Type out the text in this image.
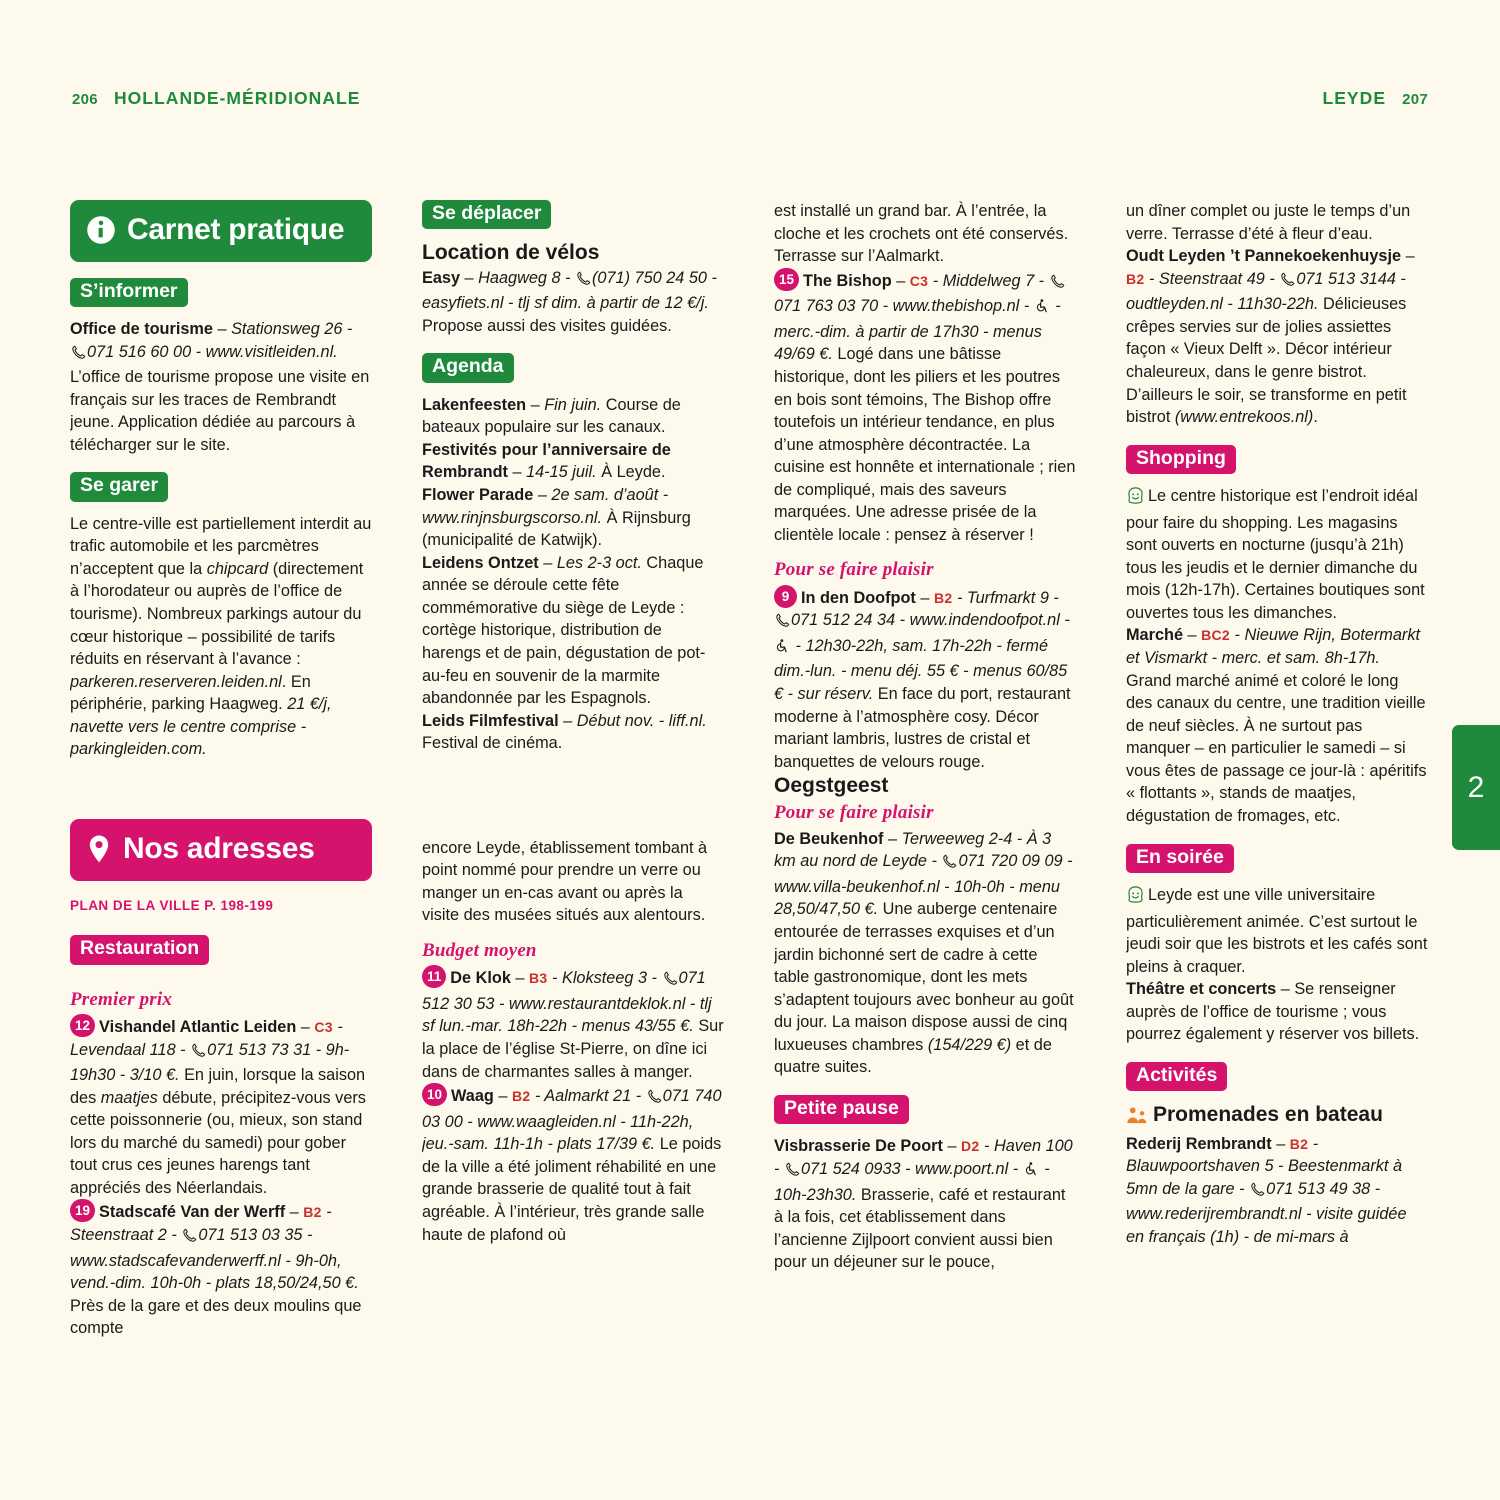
206 HOLLANDE-MÉRIDIONALE	LEYDE 207
2
Carnet pratique
S’informer

Office de tourisme – Stationsweg 26 - 071 516 60 00 - www.visitleiden.nl. L’office de tourisme propose une visite en français sur les traces de Rembrandt jeune. Application dédiée au parcours à télécharger sur le site.

Se garer

Le centre-ville est partiellement interdit au trafic automobile et les parcmètres n’acceptent que la chipcard (directement à l’horodateur ou auprès de l’office de tourisme). Nombreux parkings autour du cœur historique – possibilité de tarifs réduits en réservant à l’avance : parkeren.reserveren.leiden.nl. En périphérie, parking Haagweg. 21 €/j, navette vers le centre comprise - parkingleiden.com.

Nos adresses
PLAN DE LA VILLE P. 198-199
Restauration
Premier prix

12 Vishandel Atlantic Leiden – C3 - Levendaal 118 - 071 513 73 31 - 9h-19h30 - 3/10 €. En juin, lorsque la saison des maatjes débute, précipitez-vous vers cette poissonnerie (ou, mieux, son stand lors du marché du samedi) pour gober tout crus ces jeunes harengs tant appréciés des Néerlandais.

19 Stadscafé Van der Werff – B2 - Steenstraat 2 - 071 513 03 35 - www.stadscafevanderwerff.nl - 9h-0h, vend.-dim. 10h-0h - plats 18,50/24,50 €. Près de la gare et des deux moulins que compte

Se déplacer
Location de vélos

Easy – Haagweg 8 - (071) 750 24 50 - easyfiets.nl - tlj sf dim. à partir de 12 €/j. Propose aussi des visites guidées.

Agenda

Lakenfeesten – Fin juin. Course de bateaux populaire sur les canaux.

Festivités pour l’anniversaire de Rembrandt – 14-15 juil. À Leyde.

Flower Parade – 2e sam. d’août - www.rinjnsburgscorso.nl. À Rijnsburg (municipalité de Katwijk).

Leidens Ontzet – Les 2-3 oct. Chaque année se déroule cette fête commémorative du siège de Leyde : cortège historique, distribution de harengs et de pain, dégustation de pot-au-feu en souvenir de la marmite abandonnée par les Espagnols.

Leids Filmfestival – Début nov. - liff.nl. Festival de cinéma.

encore Leyde, établissement tombant à point nommé pour prendre un verre ou manger un en-cas avant ou après la visite des musées situés aux alentours.

Budget moyen

11 De Klok – B3 - Kloksteeg 3 - 071 512 30 53 - www.restaurantdeklok.nl - tlj sf lun.-mar. 18h-22h - menus 43/55 €. Sur la place de l’église St-Pierre, on dîne ici dans de charmantes salles à manger.

10 Waag – B2 - Aalmarkt 21 - 071 740 03 00 - www.waagleiden.nl - 11h-22h, jeu.-sam. 11h-1h - plats 17/39 €. Le poids de la ville a été joliment réhabilité en une grande brasserie de qualité tout à fait agréable. À l’intérieur, très grande salle haute de plafond où

est installé un grand bar. À l’entrée, la cloche et les crochets ont été conservés. Terrasse sur l’Aalmarkt.

15 The Bishop – C3 - Middelweg 7 - 071 763 03 70 - www.thebishop.nl -  - merc.-dim. à partir de 17h30 - menus 49/69 €. Logé dans une bâtisse historique, dont les piliers et les poutres en bois sont témoins, The Bishop offre toutefois un intérieur tendance, en plus d’une atmosphère décontractée. La cuisine est honnête et internationale ; rien de compliqué, mais des saveurs marquées. Une adresse prisée de la clientèle locale : pensez à réserver !

Pour se faire plaisir

9 In den Doofpot – B2 - Turfmarkt 9 - 071 512 24 34 - www.indendoofpot.nl -  - 12h30-22h, sam. 17h-22h - fermé dim.-lun. - menu déj. 55 € - menus 60/85 € - sur réserv. En face du port, restaurant moderne à l’atmosphère cosy. Décor mariant lambris, lustres de cristal et banquettes de velours rouge.

Oegstgeest
Pour se faire plaisir

De Beukenhof – Terweeweg 2-4 - À 3 km au nord de Leyde - 071 720 09 09 - www.villa-beukenhof.nl - 10h-0h - menu 28,50/47,50 €. Une auberge centenaire entourée de terrasses exquises et d’un jardin bichonné sert de cadre à cette table gastronomique, dont les mets s’adaptent toujours avec bonheur au goût du jour. La maison dispose aussi de cinq luxueuses chambres (154/229 €) et de quatre suites.

Petite pause

Visbrasserie De Poort – D2 - Haven 100 - 071 524 0933 - www.poort.nl -  - 10h-23h30. Brasserie, café et restaurant à la fois, cet établissement dans l’ancienne Zijlpoort convient aussi bien pour un déjeuner sur le pouce,

un dîner complet ou juste le temps d’un verre. Terrasse d’été à fleur d’eau.

Oudt Leyden ’t Pannekoekenhuysje – B2 - Steenstraat 49 - 071 513 3144 - oudtleyden.nl - 11h30-22h. Délicieuses crêpes servies sur de jolies assiettes façon « Vieux Delft ». Décor intérieur chaleureux, dans le genre bistrot. D’ailleurs le soir, se transforme en petit bistrot (www.entrekoos.nl).

Shopping

Le centre historique est l’endroit idéal pour faire du shopping. Les magasins sont ouverts en nocturne (jusqu’à 21h) tous les jeudis et le dernier dimanche du mois (12h-17h). Certaines boutiques sont ouvertes tous les dimanches.

Marché – BC2 - Nieuwe Rijn, Botermarkt et Vismarkt - merc. et sam. 8h-17h. Grand marché animé et coloré le long des canaux du centre, une tradition vieille de neuf siècles. À ne surtout pas manquer – en particulier le samedi – si vous êtes de passage ce jour-là : apéritifs « flottants », stands de maatjes, dégustation de fromages, etc.

En soirée

Leyde est une ville universitaire particulièrement animée. C’est surtout le jeudi soir que les bistrots et les cafés sont pleins à craquer.

Théâtre et concerts – Se renseigner auprès de l’office de tourisme ; vous pourrez également y réserver vos billets.

Activités
Promenades en bateau

Rederij Rembrandt – B2 -Blauwpoortshaven 5 - Beestenmarkt à 5mn de la gare - 071 513 49 38 - www.rederijrembrandt.nl - visite guidée en français (1h) - de mi-mars à
